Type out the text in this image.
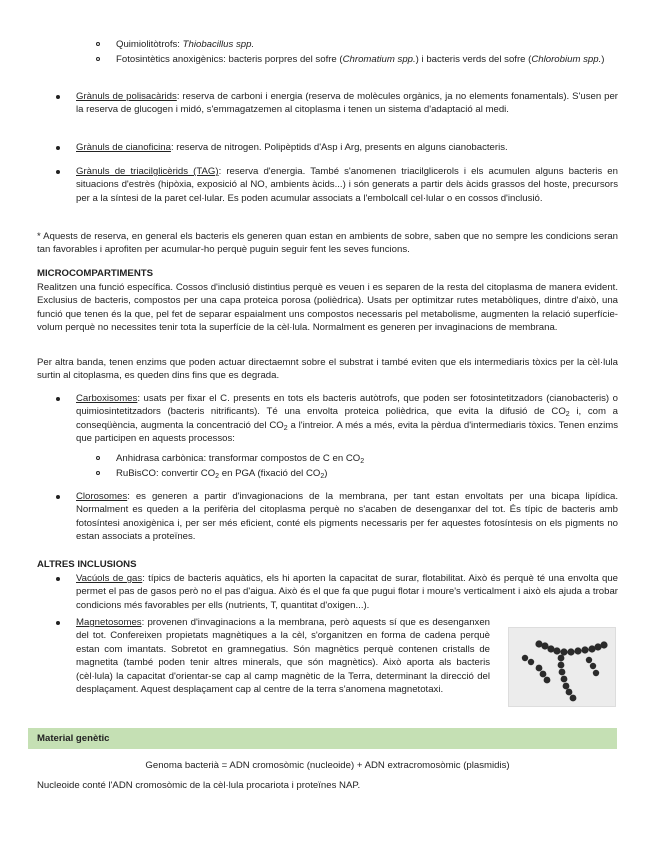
Quimiolitòtrofs: Thiobacillus spp.

Fotosintètics anoxigènics: bacteris porpres del sofre (Chromatium spp.) i bacteris verds del sofre (Chlorobium spp.)

Grànuls de polisacàrids: reserva de carboni i energia (reserva de molècules orgànics, ja no elements fonamentals). S'usen per la reserva de glucogen i midó, s'emmagatzemen al citoplasma i tenen un sistema d'adaptació al medi.

Grànuls de cianoficina: reserva de nitrogen. Polipèptids d'Asp i Arg, presents en alguns cianobacteris.

Grànuls de triacilglicèrids (TAG): reserva d'energia. També s'anomenen triacilglicerols i els acumulen alguns bacteris en situacions d'estrès (hipòxia, exposició al NO, ambients àcids...) i són generats a partir dels àcids grassos del hoste, precursors per a la síntesi de la paret cel·lular. Es poden acumular associats a l'embolcall cel·lular o en cossos d'inclusió.

* Aquests de reserva, en general els bacteris els generen quan estan en ambients de sobre, saben que no sempre les condicions seran tan favorables i aprofiten per acumular-ho perquè puguin seguir fent les seves funcions.

MICROCOMPARTIMENTS

Realitzen una funció específica. Cossos d'inclusió distintius perquè es veuen i es separen de la resta del citoplasma de manera evident. Exclusius de bacteris, compostos per una capa proteica porosa (polièdrica). Usats per optimitzar rutes metabòliques, dintre d'això, una funció que tenen és la que, pel fet de separar espaialment uns compostos necessaris pel metabolisme, augmenten la relació superfície-volum perquè no necessites tenir tota la superfície de la cèl·lula. Normalment es generen per invaginacions de membrana.

Per altra banda, tenen enzims que poden actuar directaemnt sobre el substrat i també eviten que els intermediaris tòxics per la cèl·lula surtin al citoplasma, es queden dins fins que es degrada.

Carboxisomes: usats per fixar el C. presents en tots els bacteris autòtrofs, que poden ser fotosintetitzadors (cianobacteris) o quimiosintetitzadors (bacteris nitrificants). Té una envolta proteica polièdrica, que evita la difusió de $CO_2$ i, com a conseqüència, augmenta la concentració del $CO_2$ a l'intreior. A més a més, evita la pèrdua d'intermediaris tòxics. Tenen enzims que participen en aquests processos:

Anhidrasa carbònica: transformar compostos de C en $CO_2$

RuBisCO: convertir $CO_2$ en PGA (fixació del $CO_2$)

Clorosomes: es generen a partir d'invagionacions de la membrana, per tant estan envoltats per una bicapa lipídica. Normalment es queden a la perifèria del citoplasma perquè no s'acaben de desenganxar del tot. És típic de bacteris amb fotosíntesi anoxigènica i, per ser més eficient, conté els pigments necessaris per fer aquestes fotosíntesis on els pigments no estan associats a proteïnes.

ALTRES INCLUSIONS

Vacúols de gas: típics de bacteris aquàtics, els hi aporten la capacitat de surar, flotabilitat. Això és perquè té una envolta que permet el pas de gasos però no el pas d'aigua. Això és el que fa que pugui flotar i moure's verticalment i això els ajuda a trobar condicions més favorables per ells (nutrients, T, quantitat d'oxigen...).

Magnetosomes: provenen d'invaginacions a la membrana, però aquests sí que es desenganxen del tot. Confereixen propietats magnètiques a la cèl, s'organitzen en forma de cadena perquè estan com imantats. Sobretot en gramnegatius. Són magnètics perquè contenen cristalls de magnetita (també poden tenir altres minerals, que són magnètics). Això aporta als bacteris (cèl·lula) la capacitat d'orientar-se cap al camp magnètic de la Terra, determinant la direcció del desplaçament. Aquest desplaçament cap al centre de la terra s'anomena magnetotaxi.

Material genètic

Genoma bacterià = ADN cromosòmic (nucleoide) + ADN extracromosòmic (plasmidis)

Nucleoide conté l'ADN cromosòmic de la cèl·lula procariota i proteïnes NAP.
